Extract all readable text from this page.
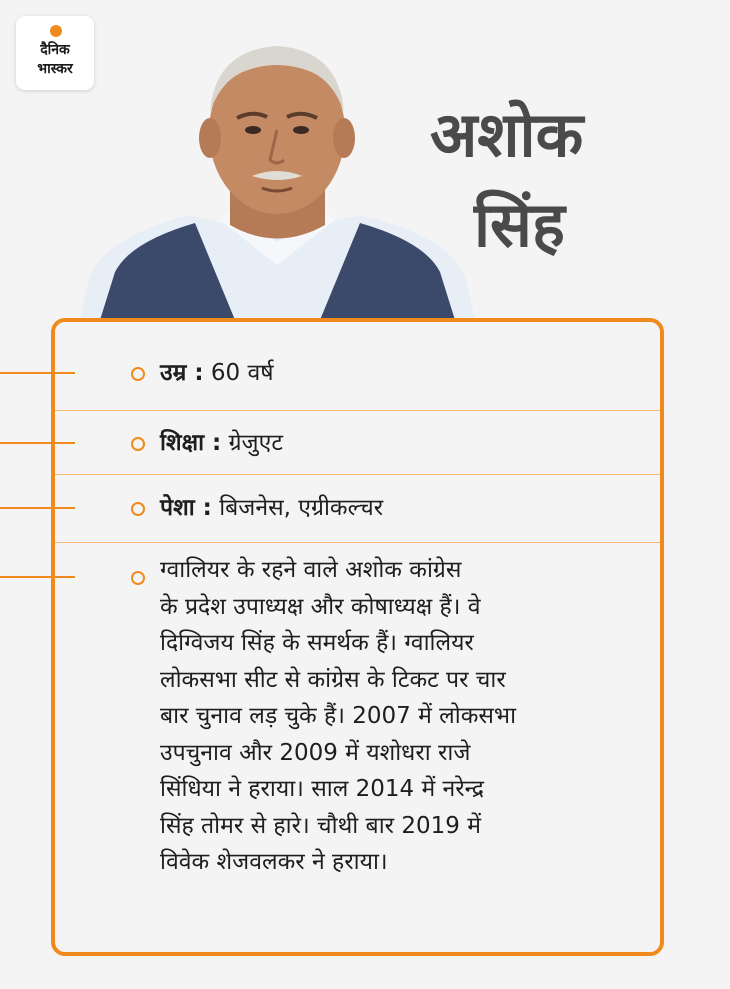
दैनिक
भास्कर
अशोक
सिंह
उम्र : 60 वर्ष
शिक्षा : ग्रेजुएट
पेशा : बिजनेस, एग्रीकल्चर
ग्वालियर के रहने वाले अशोक कांग्रेस
के प्रदेश उपाध्यक्ष और कोषाध्यक्ष हैं। वे
दिग्विजय सिंह के समर्थक हैं। ग्वालियर
लोकसभा सीट से कांग्रेस के टिकट पर चार
बार चुनाव लड़ चुके हैं। 2007 में लोकसभा
उपचुनाव और 2009 में यशोधरा राजे
सिंधिया ने हराया। साल 2014 में नरेन्द्र
सिंह तोमर से हारे। चौथी बार 2019 में
विवेक शेजवलकर ने हराया।
